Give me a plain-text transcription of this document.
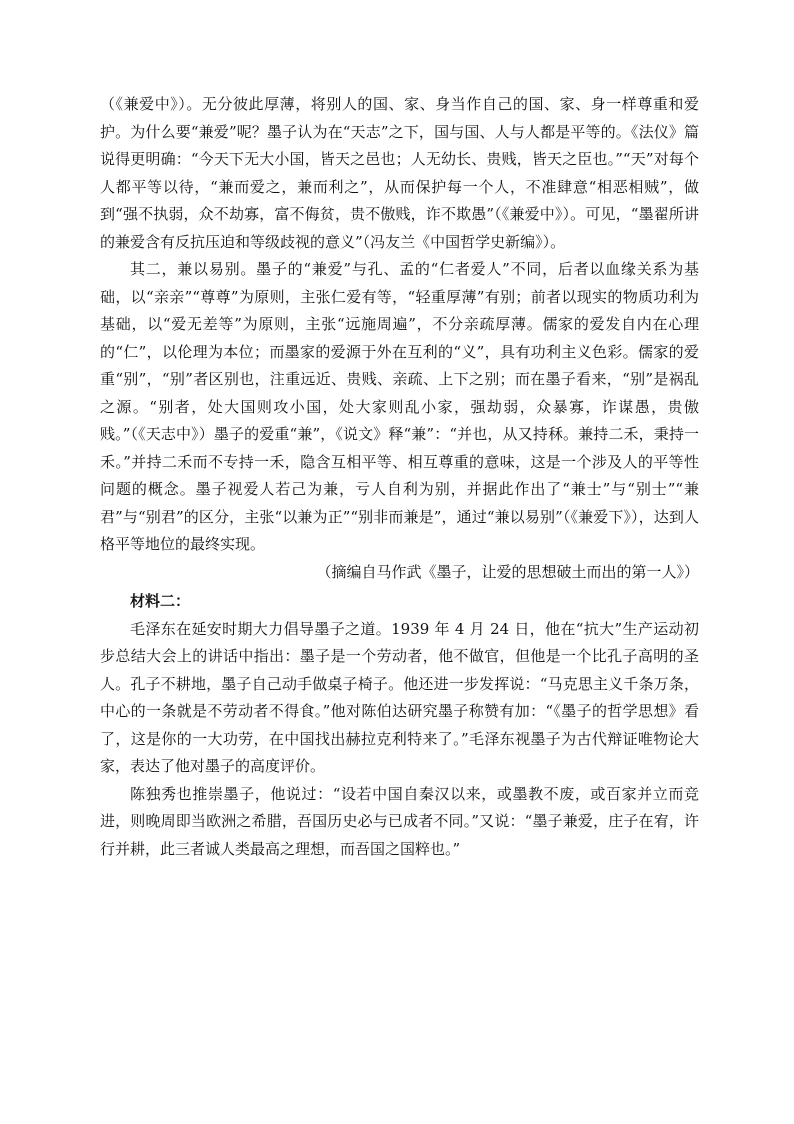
（《兼爱中》）。无分彼此厚薄，将别人的国、家、身当作自己的国、家、身一样尊重和爱护。为什么要“兼爱”呢？墨子认为在“天志”之下，国与国、人与人都是平等的。《法仪》篇说得更明确：“今天下无大小国，皆天之邑也；人无幼长、贵贱，皆天之臣也。”“天”对每个人都平等以待，“兼而爱之，兼而利之”，从而保护每一个人，不准肆意“相恶相贼”，做到“强不执弱，众不劫寡，富不侮贫，贵不傲贱，诈不欺愚”（《兼爱中》）。可见，“墨翟所讲的兼爱含有反抗压迫和等级歧视的意义”（冯友兰《中国哲学史新编》）。

其二，兼以易别。墨子的“兼爱”与孔、孟的“仁者爱人”不同，后者以血缘关系为基础，以“亲亲”“尊尊”为原则，主张仁爱有等，“轻重厚薄”有别；前者以现实的物质功利为基础，以“爱无差等”为原则，主张“远施周遍”，不分亲疏厚薄。儒家的爱发自内在心理的“仁”，以伦理为本位；而墨家的爱源于外在互利的“义”，具有功利主义色彩。儒家的爱重“别”，“别”者区别也，注重远近、贵贱、亲疏、上下之别；而在墨子看来，“别”是祸乱之源。“别者，处大国则攻小国，处大家则乱小家，强劫弱，众暴寡，诈谋愚，贵傲贱。”（《天志中》）墨子的爱重“兼”，《说文》释“兼”：“并也，从又持秝。兼持二禾，秉持一禾。”并持二禾而不专持一禾，隐含互相平等、相互尊重的意味，这是一个涉及人的平等性问题的概念。墨子视爱人若己为兼，亏人自利为别，并据此作出了“兼士”与“别士”“兼君”与“别君”的区分，主张“以兼为正”“别非而兼是”，通过“兼以易别”（《兼爱下》），达到人格平等地位的最终实现。

（摘编自马作武《墨子，让爱的思想破土而出的第一人》）

材料二：

毛泽东在延安时期大力倡导墨子之道。1939 年 4 月 24 日，他在“抗大”生产运动初步总结大会上的讲话中指出：墨子是一个劳动者，他不做官，但他是一个比孔子高明的圣人。孔子不耕地，墨子自己动手做桌子椅子。他还进一步发挥说：“马克思主义千条万条，中心的一条就是不劳动者不得食。”他对陈伯达研究墨子称赞有加：“《墨子的哲学思想》看了，这是你的一大功劳，在中国找出赫拉克利特来了。”毛泽东视墨子为古代辩证唯物论大家，表达了他对墨子的高度评价。

陈独秀也推崇墨子，他说过：“设若中国自秦汉以来，或墨教不废，或百家并立而竞进，则晚周即当欧洲之希腊，吾国历史必与已成者不同。”又说：“墨子兼爱，庄子在宥，许行并耕，此三者诚人类最高之理想，而吾国之国粹也。”
